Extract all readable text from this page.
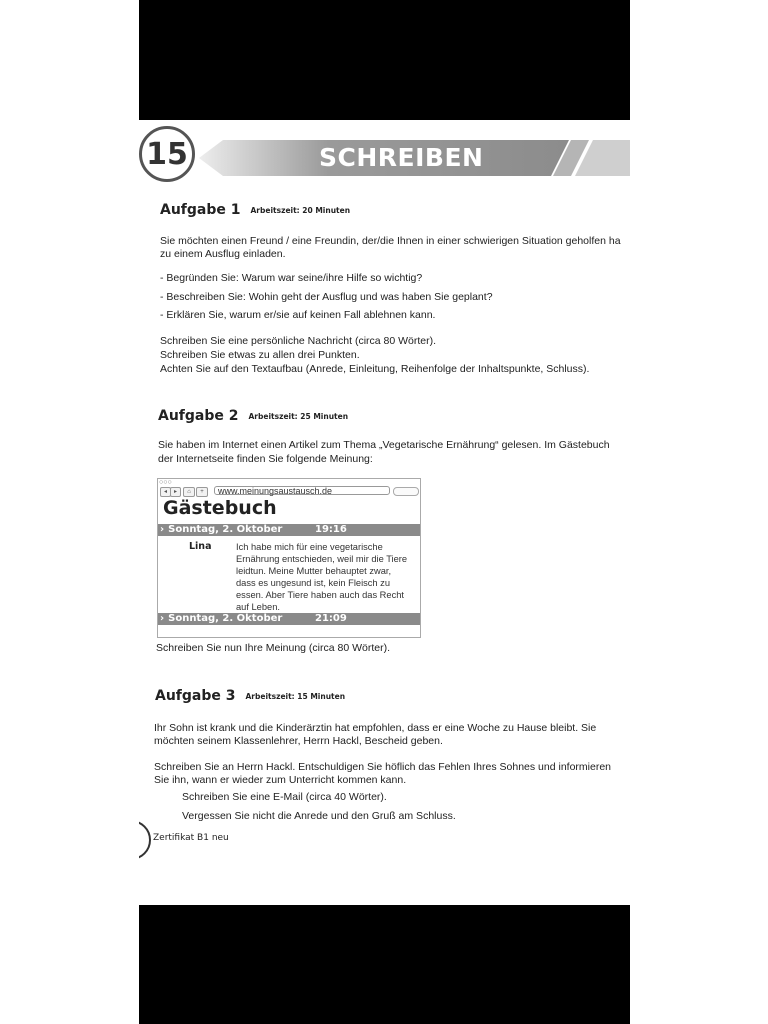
15	SCHREIBEN
Aufgabe 1 Arbeitszeit: 20 Minuten
Sie möchten einen Freund / eine Freundin, der/die Ihnen in einer schwierigen Situation geholfen ha
zu einem Ausflug einladen.
- Begründen Sie: Warum war seine/ihre Hilfe so wichtig?
- Beschreiben Sie: Wohin geht der Ausflug und was haben Sie geplant?
- Erklären Sie, warum er/sie auf keinen Fall ablehnen kann.
Schreiben Sie eine persönliche Nachricht (circa 80 Wörter).
Schreiben Sie etwas zu allen drei Punkten.
Achten Sie auf den Textaufbau (Anrede, Einleitung, Reihenfolge der Inhaltspunkte, Schluss).
Aufgabe 2 Arbeitszeit: 25 Minuten
Sie haben im Internet einen Artikel zum Thema „Vegetarische Ernährung“ gelesen. Im Gästebuch
der Internetseite finden Sie folgende Meinung:
○○○
◂	▸	⌂	+	www.meinungsaustausch.de
Gästebuch
› Sonntag, 2. Oktober	19:16
Lina	Ich habe mich für eine vegetarische
Ernährung entschieden, weil mir die Tiere
leidtun. Meine Mutter behauptet zwar,
dass es ungesund ist, kein Fleisch zu
essen. Aber Tiere haben auch das Recht
auf Leben.
› Sonntag, 2. Oktober	21:09
Schreiben Sie nun Ihre Meinung (circa 80 Wörter).
Aufgabe 3 Arbeitszeit: 15 Minuten
Ihr Sohn ist krank und die Kinderärztin hat empfohlen, dass er eine Woche zu Hause bleibt. Sie
möchten seinem Klassenlehrer, Herrn Hackl, Bescheid geben.
Schreiben Sie an Herrn Hackl. Entschuldigen Sie höflich das Fehlen Ihres Sohnes und informieren
Sie ihn, wann er wieder zum Unterricht kommen kann.
Schreiben Sie eine E-Mail (circa 40 Wörter).
Vergessen Sie nicht die Anrede und den Gruß am Schluss.
Zertifikat B1 neu
